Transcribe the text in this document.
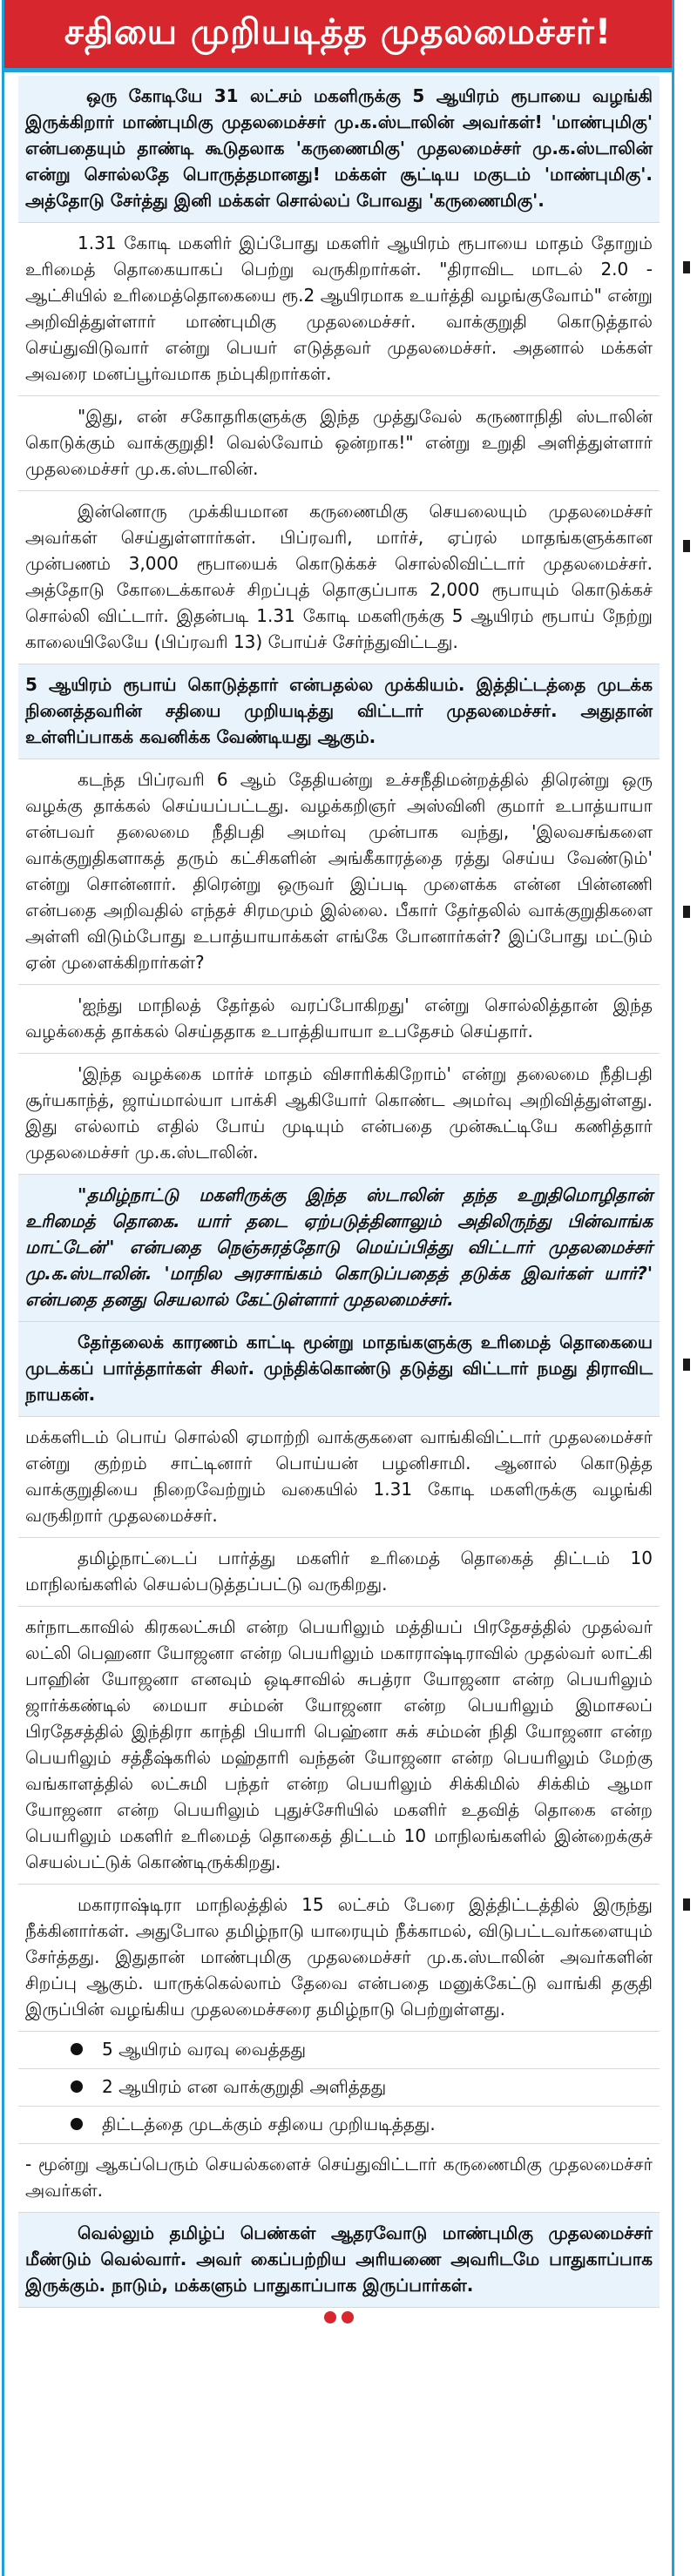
சதியை முறியடித்த முதலமைச்சர்!

ஒரு கோடியே 31 லட்சம் மகளிருக்கு 5 ஆயிரம் ரூபாயை வழங்கி இருக்கிறார் மாண்புமிகு முதலமைச்சர் மு.க.ஸ்டாலின் அவர்கள்! 'மாண்புமிகு' என்பதையும் தாண்டி கூடுதலாக 'கருணைமிகு' முதலமைச்சர் மு.க.ஸ்டாலின் என்று சொல்லதே பொருத்தமானது! மக்கள் சூட்டிய மகுடம் 'மாண்புமிகு'. அத்தோடு சேர்த்து இனி மக்கள் சொல்லப் போவது 'கருணைமிகு'.

1.31 கோடி மகளிர் இப்போது மகளிர் ஆயிரம் ரூபாயை மாதம் தோறும் உரிமைத் தொகையாகப் பெற்று வருகிறார்கள். "திராவிட மாடல் 2.0 - ஆட்சியில் உரிமைத்தொகையை ரூ.2 ஆயிரமாக உயர்த்தி வழங்குவோம்" என்று அறிவித்துள்ளார் மாண்புமிகு முதலமைச்சர். வாக்குறுதி கொடுத்தால் செய்துவிடுவார் என்று பெயர் எடுத்தவர் முதலமைச்சர். அதனால் மக்கள் அவரை மனப்பூர்வமாக நம்புகிறார்கள்.

"இது, என் சகோதரிகளுக்கு இந்த முத்துவேல் கருணாநிதி ஸ்டாலின் கொடுக்கும் வாக்குறுதி! வெல்வோம் ஒன்றாக!" என்று உறுதி அளித்துள்ளார் முதலமைச்சர் மு.க.ஸ்டாலின்.

இன்னொரு முக்கியமான கருணைமிகு செயலையும் முதலமைச்சர் அவர்கள் செய்துள்ளார்கள். பிப்ரவரி, மார்ச், ஏப்ரல் மாதங்களுக்கான முன்பணம் 3,000 ரூபாயைக் கொடுக்கச் சொல்லிவிட்டார் முதலமைச்சர். அத்தோடு கோடைக்காலச் சிறப்புத் தொகுப்பாக 2,000 ரூபாயும் கொடுக்கச் சொல்லி விட்டார். இதன்படி 1.31 கோடி மகளிருக்கு 5 ஆயிரம் ரூபாய் நேற்று காலையிலேயே (பிப்ரவரி 13) போய்ச் சேர்ந்துவிட்டது.

5 ஆயிரம் ரூபாய் கொடுத்தார் என்பதல்ல முக்கியம். இத்திட்டத்தை முடக்க நினைத்தவரின் சதியை முறியடித்து விட்டார் முதலமைச்சர். அதுதான் உள்ளிப்பாகக் கவனிக்க வேண்டியது ஆகும்.

கடந்த பிப்ரவரி 6 ஆம் தேதியன்று உச்சநீதிமன்றத்தில் திரென்று ஒரு வழக்கு தாக்கல் செய்யப்பட்டது. வழக்கறிஞர் அஸ்வினி குமார் உபாத்யாயா என்பவர் தலைமை நீதிபதி அமர்வு முன்பாக வந்து, 'இலவசங்களை வாக்குறுதிகளாகத் தரும் கட்சிகளின் அங்கீகாரத்தை ரத்து செய்ய வேண்டும்' என்று சொன்னார். திரென்று ஒருவர் இப்படி முளைக்க என்ன பின்னணி என்பதை அறிவதில் எந்தச் சிரமமும் இல்லை. பீகார் தேர்தலில் வாக்குறுதிகளை அள்ளி விடும்போது உபாத்யாயாக்கள் எங்கே போனார்கள்? இப்போது மட்டும் ஏன் முளைக்கிறார்கள்?

'ஐந்து மாநிலத் தேர்தல் வரப்போகிறது' என்று சொல்லித்தான் இந்த வழக்கைத் தாக்கல் செய்ததாக உபாத்தியாயா உபதேசம் செய்தார்.

'இந்த வழக்கை மார்ச் மாதம் விசாரிக்கிறோம்' என்று தலைமை நீதிபதி சூர்யகாந்த், ஜாய்மால்யா பாக்சி ஆகியோர் கொண்ட அமர்வு அறிவித்துள்ளது. இது எல்லாம் எதில் போய் முடியும் என்பதை முன்கூட்டியே கணித்தார் முதலமைச்சர் மு.க.ஸ்டாலின்.

"தமிழ்நாட்டு மகளிருக்கு இந்த ஸ்டாலின் தந்த உறுதிமொழிதான் உரிமைத் தொகை. யார் தடை ஏற்படுத்தினாலும் அதிலிருந்து பின்வாங்க மாட்டேன்" என்பதை நெஞ்சுரத்தோடு மெய்ப்பித்து விட்டார் முதலமைச்சர் மு.க.ஸ்டாலின். 'மாநில அரசாங்கம் கொடுப்பதைத் தடுக்க இவர்கள் யார்?' என்பதை தனது செயலால் கேட்டுள்ளார் முதலமைச்சர்.

தேர்தலைக் காரணம் காட்டி மூன்று மாதங்களுக்கு உரிமைத் தொகையை முடக்கப் பார்த்தார்கள் சிலர். முந்திக்கொண்டு தடுத்து விட்டார் நமது திராவிட நாயகன்.

மக்களிடம் பொய் சொல்லி ஏமாற்றி வாக்குகளை வாங்கிவிட்டார் முதலமைச்சர் என்று குற்றம் சாட்டினார் பொய்யன் பழனிசாமி. ஆனால் கொடுத்த வாக்குறுதியை நிறைவேற்றும் வகையில் 1.31 கோடி மகளிருக்கு வழங்கி வருகிறார் முதலமைச்சர்.

தமிழ்நாட்டைப் பார்த்து மகளிர் உரிமைத் தொகைத் திட்டம் 10 மாநிலங்களில் செயல்படுத்தப்பட்டு வருகிறது.

கர்நாடகாவில் கிரகலட்சுமி என்ற பெயரிலும் மத்தியப் பிரதேசத்தில் முதல்வர் லட்லி பெஹனா யோஜனா என்ற பெயரிலும் மகாராஷ்டிராவில் முதல்வர் லாட்கி பாஹின் யோஜனா எனவும் ஒடிசாவில் சுபத்ரா யோஜனா என்ற பெயரிலும் ஜார்க்கண்டில் மையா சம்மன் யோஜனா என்ற பெயரிலும் இமாசலப் பிரதேசத்தில் இந்திரா காந்தி பியாரி பெஹ்னா சுக் சம்மன் நிதி யோஜனா என்ற பெயரிலும் சத்தீஷ்கரில் மஹ்தாரி வந்தன் யோஜனா என்ற பெயரிலும் மேற்கு வங்காளத்தில் லட்சுமி பந்தர் என்ற பெயரிலும் சிக்கிமில் சிக்கிம் ஆமா யோஜனா என்ற பெயரிலும் புதுச்சேரியில் மகளிர் உதவித் தொகை என்ற பெயரிலும் மகளிர் உரிமைத் தொகைத் திட்டம் 10 மாநிலங்களில் இன்றைக்குச் செயல்பட்டுக் கொண்டிருக்கிறது.

மகாராஷ்டிரா மாநிலத்தில் 15 லட்சம் பேரை இத்திட்டத்தில் இருந்து நீக்கினார்கள். அதுபோல தமிழ்நாடு யாரையும் நீக்காமல், விடுபட்டவர்களையும் சேர்த்தது. இதுதான் மாண்புமிகு முதலமைச்சர் மு.க.ஸ்டாலின் அவர்களின் சிறப்பு ஆகும். யாருக்கெல்லாம் தேவை என்பதை மனுக்கேட்டு வாங்கி தகுதி இருப்பின் வழங்கிய முதலமைச்சரை தமிழ்நாடு பெற்றுள்ளது.

5 ஆயிரம் வரவு வைத்தது
2 ஆயிரம் என வாக்குறுதி அளித்தது
திட்டத்தை முடக்கும் சதியை முறியடித்தது.

- மூன்று ஆகப்பெரும் செயல்களைச் செய்துவிட்டார் கருணைமிகு முதலமைச்சர் அவர்கள்.

வெல்லும் தமிழ்ப் பெண்கள் ஆதரவோடு மாண்புமிகு முதலமைச்சர் மீண்டும் வெல்வார். அவர் கைப்பற்றிய அரியணை அவரிடமே பாதுகாப்பாக இருக்கும். நாடும், மக்களும் பாதுகாப்பாக இருப்பார்கள்.
